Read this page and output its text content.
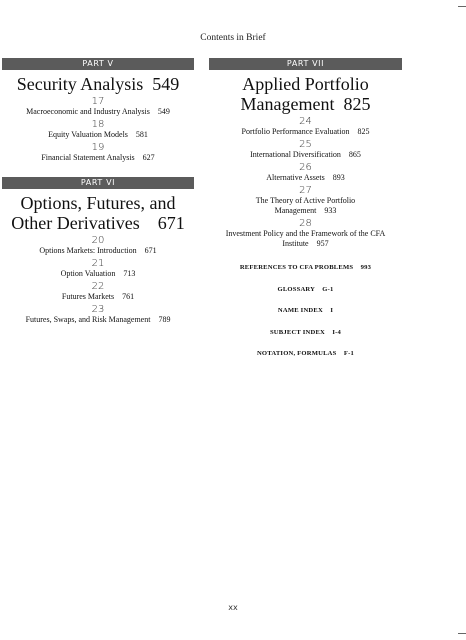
Contents in Brief
PART V
Security Analysis  549
17
Macroeconomic and Industry Analysis    549
18
Equity Valuation Models    581
19
Financial Statement Analysis    627
PART VI
Options, Futures, and Other Derivatives    671
20
Options Markets: Introduction    671
21
Option Valuation    713
22
Futures Markets    761
23
Futures, Swaps, and Risk Management    789
PART VII
Applied Portfolio Management  825
24
Portfolio Performance Evaluation    825
25
International Diversification    865
26
Alternative Assets    893
27
The Theory of Active Portfolio Management    933
28
Investment Policy and the Framework of the CFA Institute    957
REFERENCES TO CFA PROBLEMS    993
GLOSSARY    G-1
NAME INDEX    I
SUBJECT INDEX    I-4
NOTATION, FORMULAS    F-1
xx
